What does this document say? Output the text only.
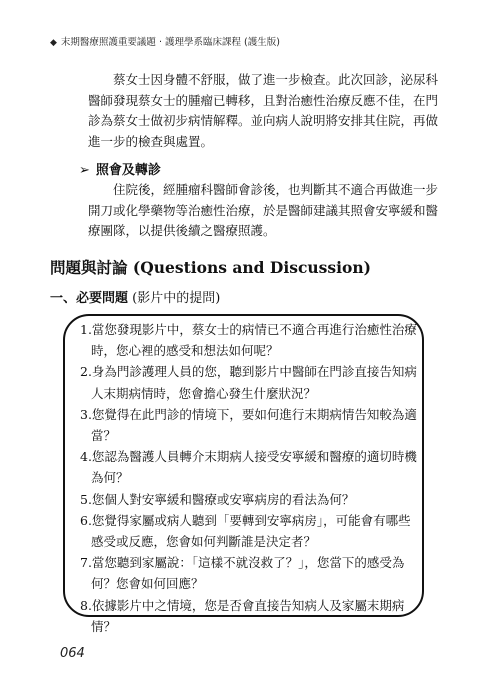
◆ 末期醫療照護重要議題 ‧ 護理學系臨床課程 (護生版)

蔡女士因身體不舒服，做了進一步檢查。此次回診，泌尿科醫師發現蔡女士的腫瘤已轉移，且對治癒性治療反應不佳，在門診為蔡女士做初步病情解釋。並向病人說明將安排其住院，再做進一步的檢查與處置。

➢ 照會及轉診

住院後，經腫瘤科醫師會診後，也判斷其不適合再做進一步開刀或化學藥物等治癒性治療，於是醫師建議其照會安寧緩和醫療團隊，以提供後續之醫療照護。

問題與討論 (Questions and Discussion)
一、必要問題 (影片中的提問)
1.當您發現影片中，蔡女士的病情已不適合再進行治癒性治療時，您心裡的感受和想法如何呢？
2.身為門診護理人員的您，聽到影片中醫師在門診直接告知病人末期病情時，您會擔心發生什麼狀況？
3.您覺得在此門診的情境下，要如何進行末期病情告知較為適當？
4.您認為醫護人員轉介末期病人接受安寧緩和醫療的適切時機為何？
5.您個人對安寧緩和醫療或安寧病房的看法為何？
6.您覺得家屬或病人聽到「要轉到安寧病房」，可能會有哪些感受或反應，您會如何判斷誰是決定者？
7.當您聽到家屬說：「這樣不就沒救了？」，您當下的感受為何？您會如何回應？
8.依據影片中之情境，您是否會直接告知病人及家屬末期病情？
064
